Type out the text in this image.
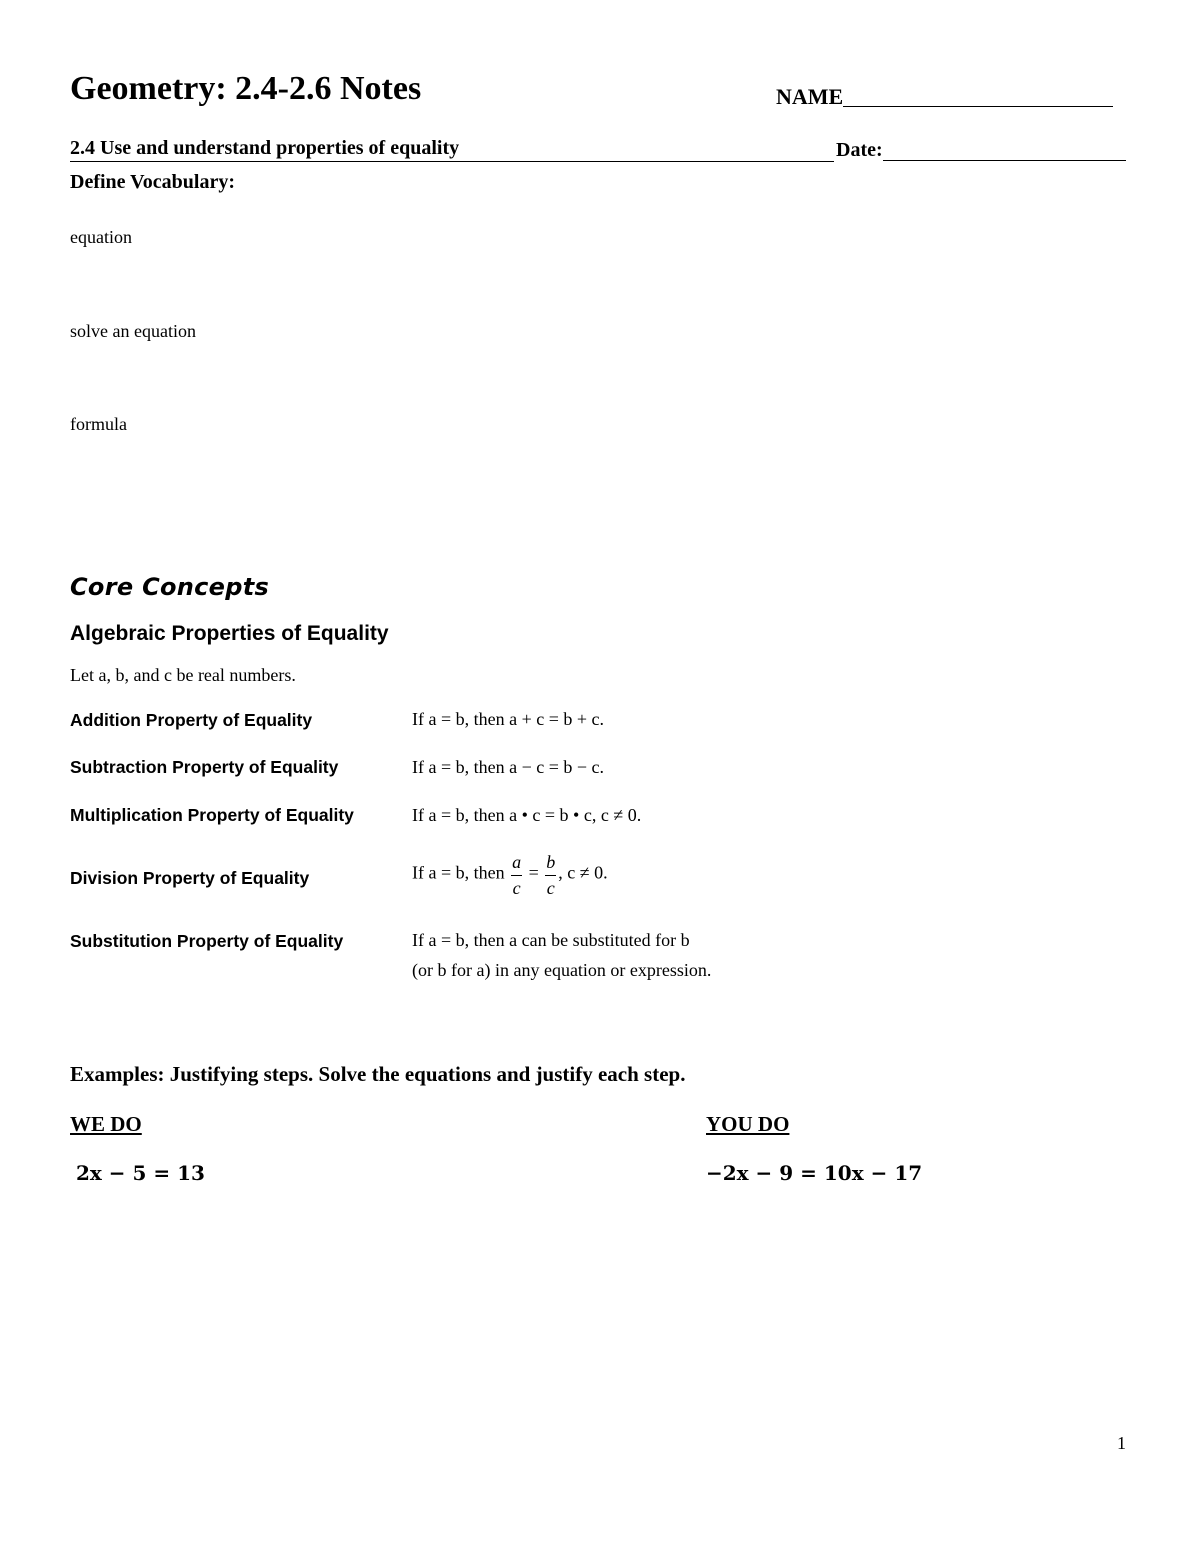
Geometry: 2.4-2.6 Notes	NAME
2.4 Use and understand properties of equality	Date:
Define Vocabulary:
equation
solve an equation
formula
Core Concepts
Algebraic Properties of Equality
Let a, b, and c be real numbers.
Addition Property of Equality	If a = b, then a + c = b + c.
Subtraction Property of Equality	If a = b, then a − c = b − c.
Multiplication Property of Equality	If a = b, then a • c = b • c, c ≠ 0.
Division Property of Equality	If a = b, then $\frac{a}{c} = \frac{b}{c}$ , c ≠ 0.
Substitution Property of Equality	If a = b, then a can be substituted for b
(or b for a) in any equation or expression.
Examples: Justifying steps. Solve the equations and justify each step.
WE DO	YOU DO
2x − 5 = 13	−2x − 9 = 10x − 17
1
